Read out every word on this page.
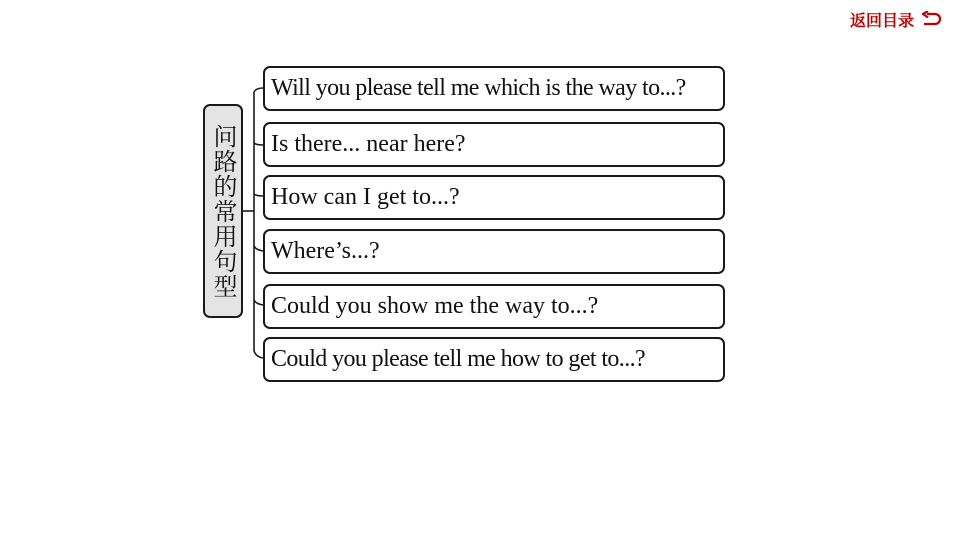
返回目录
问路的常用句型
Will you please tell me which is the way to...?
Is there... near here?
How can I get to...?
Where’s...?
Could you show me the way to...?
Could you please tell me how to get to...?
